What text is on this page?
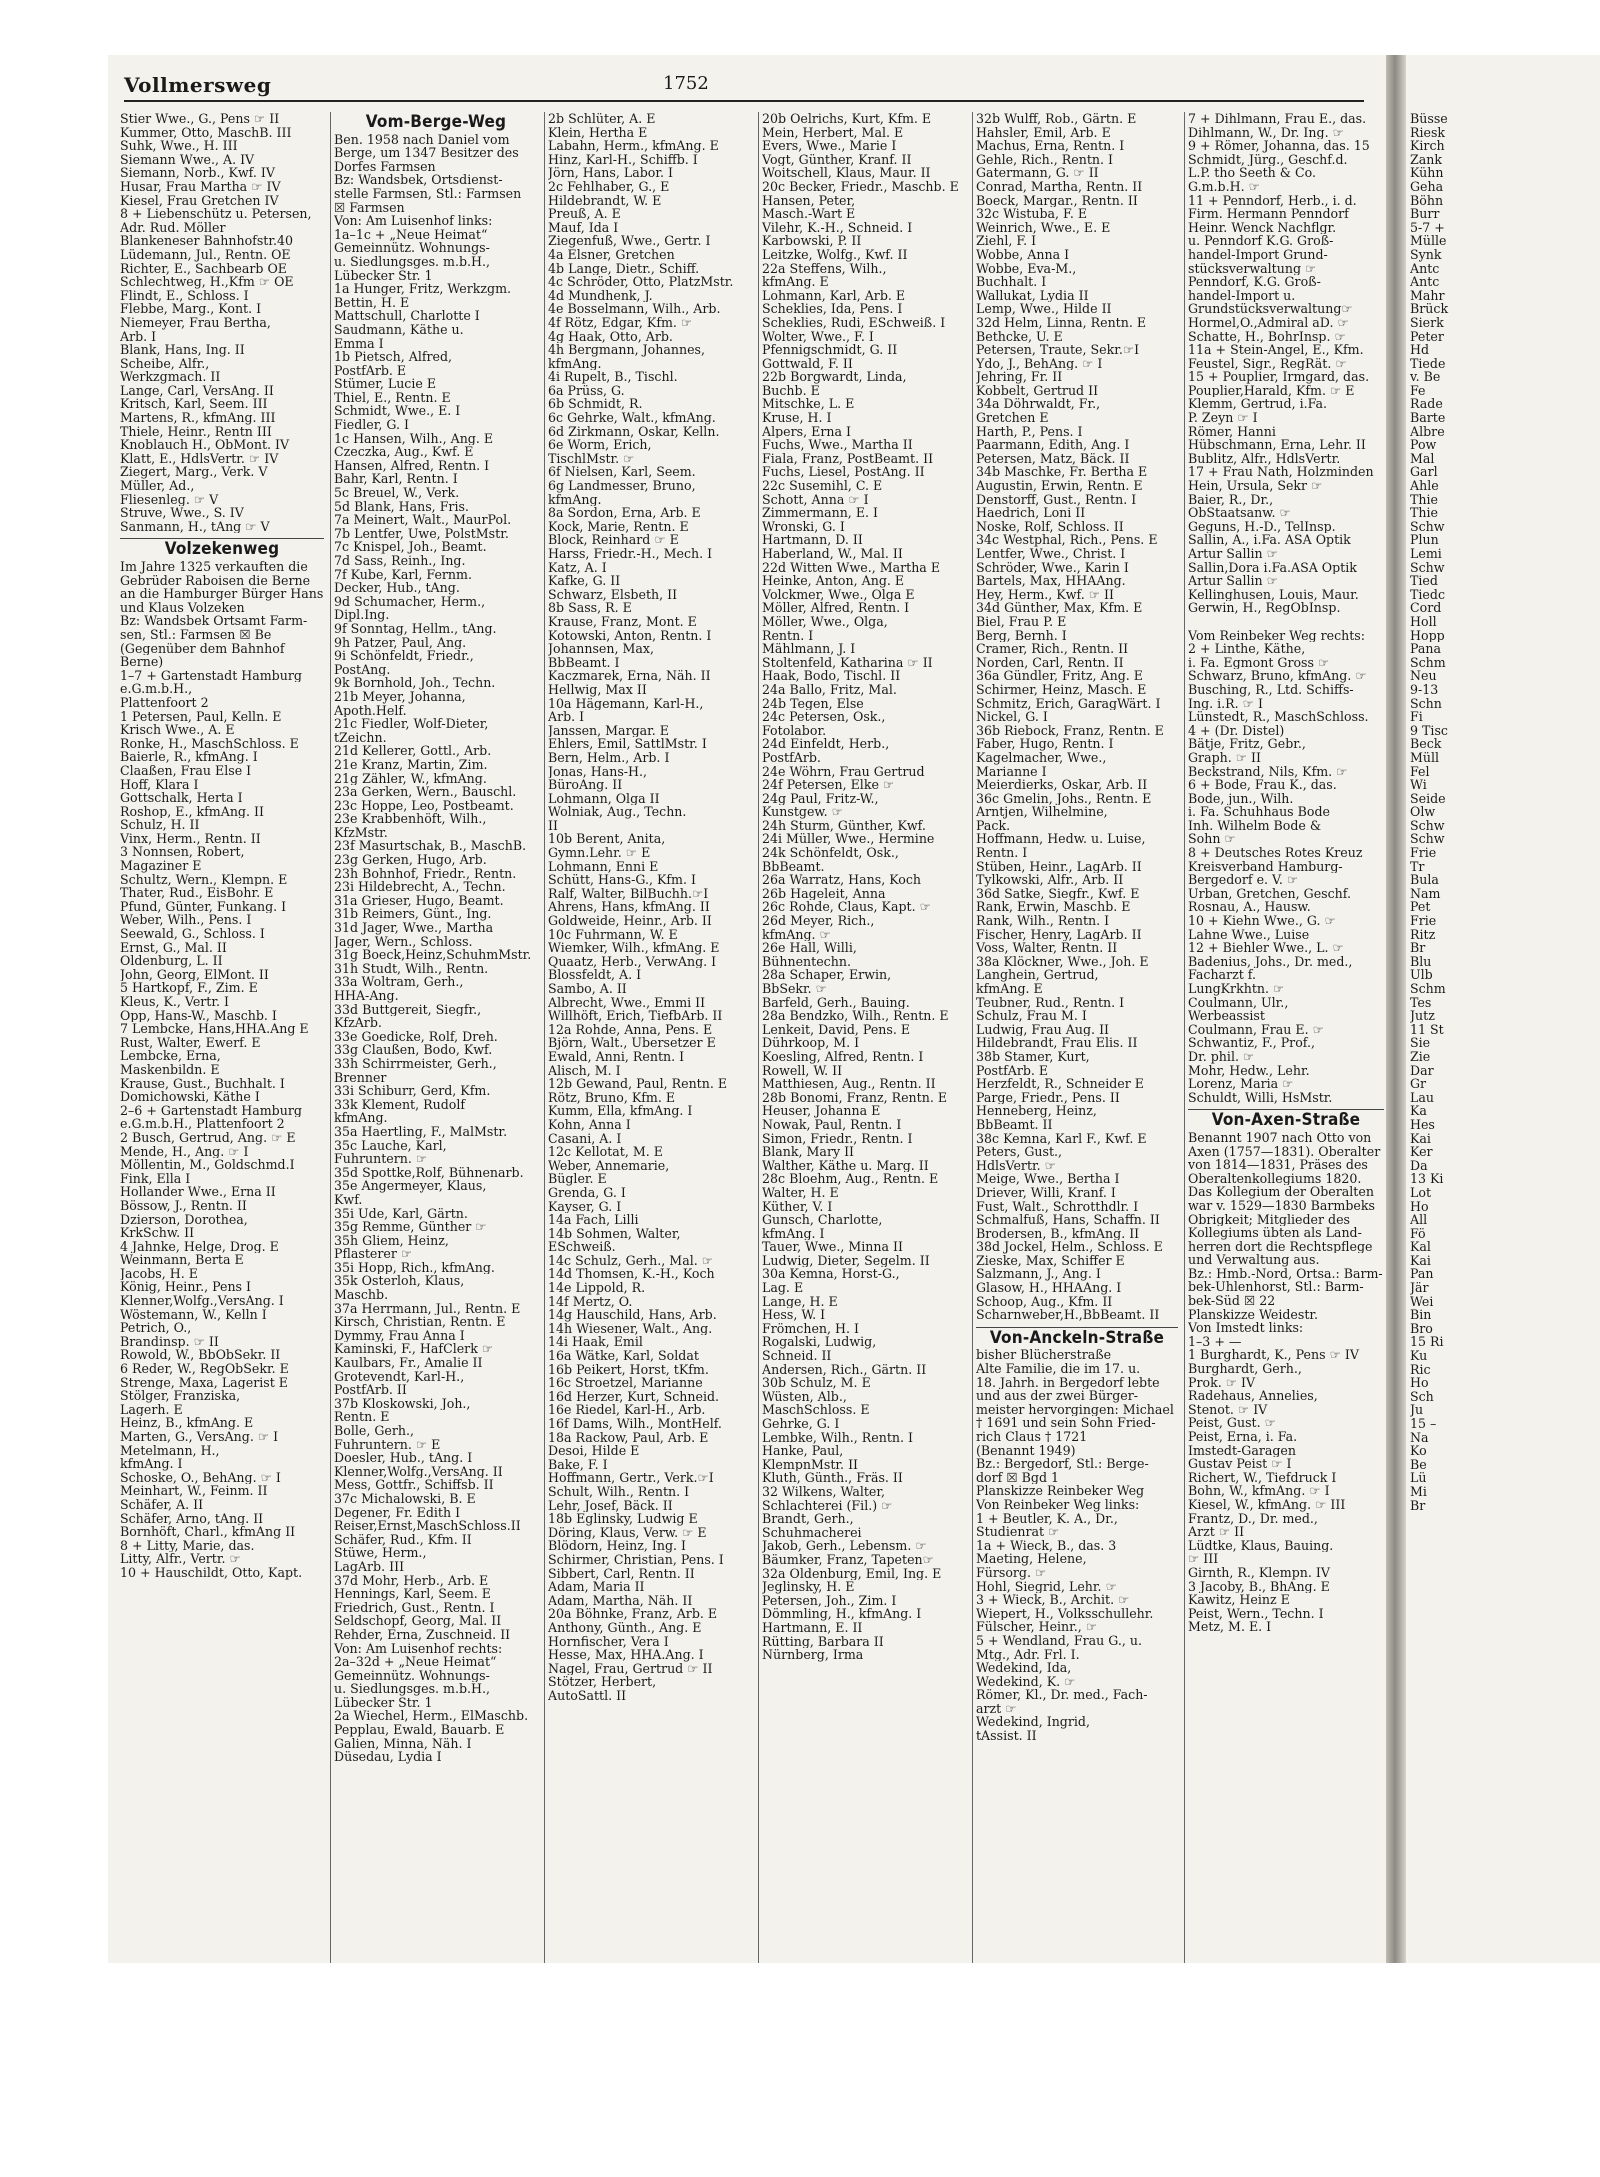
Vollmersweg	1752

Stier Wwe., G., Pens ☞ II

Kummer, Otto, MaschB. III

Suhk, Wwe., H. III

Siemann Wwe., A. IV

Siemann, Norb., Kwf. IV

Husar, Frau Martha ☞ IV

Kiesel, Frau Gretchen IV

8 + Liebenschütz u. Petersen,

Adr. Rud. Möller

Blankeneser Bahnhofstr.40

Lüdemann, Jul., Rentn. OE

Richter, E., Sachbearb OE

Schlechtweg, H.,Kfm ☞ OE

Flindt, E., Schloss. I

Flebbe, Marg., Kont. I

Niemeyer, Frau Bertha,

Arb. I

Blank, Hans, Ing. II

Scheibe, Alfr.,

Werkzgmach. II

Lange, Carl, VersAng. II

Kritsch, Karl, Seem. III

Martens, R., kfmAng. III

Thiele, Heinr., Rentn III

Knoblauch H., ObMont. IV

Klatt, E., HdlsVertr. ☞ IV

Ziegert, Marg., Verk. V

Müller, Ad.,

Fliesenleg. ☞ V

Struve, Wwe., S. IV

Sanmann, H., tAng ☞ V

Volzekenweg

Im Jahre 1325 verkauften die

Gebrüder Raboisen die Berne

an die Hamburger Bürger Hans

und Klaus Volzeken

Bz: Wandsbek Ortsamt Farm-

sen, Stl.: Farmsen ☒ Be

(Gegenüber dem Bahnhof

Berne)

1–7 + Gartenstadt Hamburg

e.G.m.b.H.,

Plattenfoort 2

1 Petersen, Paul, Kelln. E

Krisch Wwe., A. E

Ronke, H., MaschSchloss. E

Baierle, R., kfmAng. I

Claaßen, Frau Else I

Hoff, Klara I

Gottschalk, Herta I

Roshop, E., kfmAng. II

Schulz, H. II

Vinx, Herm., Rentn. II

3 Nonnsen, Robert,

Magaziner E

Schultz, Wern., Klempn. E

Thater, Rud., EisBohr. E

Pfund, Günter, Funkang. I

Weber, Wilh., Pens. I

Seewald, G., Schloss. I

Ernst, G., Mal. II

Oldenburg, L. II

John, Georg, ElMont. II

5 Hartkopf, F., Zim. E

Kleus, K., Vertr. I

Opp, Hans-W., Maschb. I

7 Lembcke, Hans,HHA.Ang E

Rust, Walter, Ewerf. E

Lembcke, Erna,

Maskenbildn. E

Krause, Gust., Buchhalt. I

Domichowski, Käthe I

2–6 + Gartenstadt Hamburg

e.G.m.b.H., Plattenfoort 2

2 Busch, Gertrud, Ang. ☞ E

Mende, H., Ang. ☞ I

Möllentin, M., Goldschmd.I

Fink, Ella I

Hollander Wwe., Erna II

Bössow, J., Rentn. II

Dzierson, Dorothea,

KrkSchw. II

4 Jahnke, Helge, Drog. E

Weinmann, Berta E

Jacobs, H. E

König, Heinr., Pens I

Klenner,Wolfg.,VersAng. I

Wöstemann, W., Kelln I

Petrich, O.,

Brandinsp. ☞ II

Rowold, W., BbObSekr. II

6 Reder, W., RegObSekr. E

Strenge, Maxa, Lagerist E

Stölger, Franziska,

Lagerh. E

Heinz, B., kfmAng. E

Marten, G., VersAng. ☞ I

Metelmann, H.,

kfmAng. I

Schoske, O., BehAng. ☞ I

Meinhart, W., Feinm. II

Schäfer, A. II

Schäfer, Arno, tAng. II

Bornhöft, Charl., kfmAng II

8 + Litty, Marie, das.

Litty, Alfr., Vertr. ☞

10 + Hauschildt, Otto, Kapt.

Vom-Berge-Weg

Ben. 1958 nach Daniel vom

Berge, um 1347 Besitzer des

Dorfes Farmsen

Bz: Wandsbek, Ortsdienst-

stelle Farmsen, Stl.: Farmsen

☒ Farmsen

Von: Am Luisenhof links:

1a–1c + „Neue Heimat“

Gemeinnütz. Wohnungs-

u. Siedlungsges. m.b.H.,

Lübecker Str. 1

1a Hunger, Fritz, Werkzgm.

Bettin, H. E

Mattschull, Charlotte I

Saudmann, Käthe u.

Emma I

1b Pietsch, Alfred,

PostfArb. E

Stümer, Lucie E

Thiel, E., Rentn. E

Schmidt, Wwe., E. I

Fiedler, G. I

1c Hansen, Wilh., Ang. E

Czeczka, Aug., Kwf. E

Hansen, Alfred, Rentn. I

Bahr, Karl, Rentn. I

5c Breuel, W., Verk.

5d Blank, Hans, Fris.

7a Meinert, Walt., MaurPol.

7b Lentfer, Uwe, PolstMstr.

7c Knispel, Joh., Beamt.

7d Sass, Reinh., Ing.

7f Kube, Karl, Fernm.

Decker, Hub., tAng.

9d Schumacher, Herm.,

Dipl.Ing.

9f Sonntag, Hellm., tAng.

9h Patzer, Paul, Ang.

9i Schönfeldt, Friedr.,

PostAng.

9k Bornhold, Joh., Techn.

21b Meyer, Johanna,

Apoth.Helf.

21c Fiedler, Wolf-Dieter,

tZeichn.

21d Kellerer, Gottl., Arb.

21e Kranz, Martin, Zim.

21g Zähler, W., kfmAng.

23a Gerken, Wern., Bauschl.

23c Hoppe, Leo, Postbeamt.

23e Krabbenhöft, Wilh.,

KfzMstr.

23f Masurtschak, B., MaschB.

23g Gerken, Hugo, Arb.

23h Bohnhof, Friedr., Rentn.

23i Hildebrecht, A., Techn.

31a Grieser, Hugo, Beamt.

31b Reimers, Günt., Ing.

31d Jager, Wwe., Martha

Jager, Wern., Schloss.

31g Boeck,Heinz,SchuhmMstr.

31h Studt, Wilh., Rentn.

33a Woltram, Gerh.,

HHA-Ang.

33d Buttgereit, Siegfr.,

KfzArb.

33e Goedicke, Rolf, Dreh.

33g Claußen, Bodo, Kwf.

33h Schirrmeister, Gerh.,

Brenner

33i Schiburr, Gerd, Kfm.

33k Klement, Rudolf

kfmAng.

35a Haertling, F., MalMstr.

35c Lauche, Karl,

Fuhruntern. ☞

35d Spottke,Rolf, Bühnenarb.

35e Angermeyer, Klaus,

Kwf.

35i Ude, Karl, Gärtn.

35g Remme, Günther ☞

35h Gliem, Heinz,

Pflasterer ☞

35i Hopp, Rich., kfmAng.

35k Osterloh, Klaus,

Maschb.

37a Herrmann, Jul., Rentn. E

Kirsch, Christian, Rentn. E

Dymmy, Frau Anna I

Kaminski, F., HafClerk ☞

Kaulbars, Fr., Amalie II

Grotevendt, Karl-H.,

PostfArb. II

37b Kloskowski, Joh.,

Rentn. E

Bolle, Gerh.,

Fuhruntern. ☞ E

Doesler, Hub., tAng. I

Klenner,Wolfg.,VersAng. II

Mess, Gottfr., Schiffsb. II

37c Michalowski, B. E

Degener, Fr. Edith I

Reiser,Ernst,MaschSchloss.II

Schäfer, Rud., Kfm. II

Stüwe, Herm.,

LagArb. III

37d Mohr, Herb., Arb. E

Hennings, Karl, Seem. E

Friedrich, Gust., Rentn. I

Seldschopf, Georg, Mal. II

Rehder, Erna, Zuschneid. II

Von: Am Luisenhof rechts:

2a–32d + „Neue Heimat“

Gemeinnütz. Wohnungs-

u. Siedlungsges. m.b.H.,

Lübecker Str. 1

2a Wiechel, Herm., ElMaschb.

Pepplau, Ewald, Bauarb. E

Galien, Minna, Näh. I

Düsedau, Lydia I

2b Schlüter, A. E

Klein, Hertha E

Labahn, Herm., kfmAng. E

Hinz, Karl-H., Schiffb. I

Jörn, Hans, Labor. I

2c Fehlhaber, G., E

Hildebrandt, W. E

Preuß, A. E

Mauf, Ida I

Ziegenfuß, Wwe., Gertr. I

4a Elsner, Gretchen

4b Lange, Dietr., Schiff.

4c Schröder, Otto, PlatzMstr.

4d Mundhenk, J.

4e Bosselmann, Wilh., Arb.

4f Rötz, Edgar, Kfm. ☞

4g Haak, Otto, Arb.

4h Bergmann, Johannes,

kfmAng.

4i Rupelt, B., Tischl.

6a Prüss, G.

6b Schmidt, R.

6c Gehrke, Walt., kfmAng.

6d Zirkmann, Oskar, Kelln.

6e Worm, Erich,

TischlMstr. ☞

6f Nielsen, Karl, Seem.

6g Landmesser, Bruno,

kfmAng.

8a Sordon, Erna, Arb. E

Kock, Marie, Rentn. E

Block, Reinhard ☞ E

Harss, Friedr.-H., Mech. I

Katz, A. I

Kafke, G. II

Schwarz, Elsbeth, II

8b Sass, R. E

Krause, Franz, Mont. E

Kotowski, Anton, Rentn. I

Johannsen, Max,

BbBeamt. I

Kaczmarek, Erna, Näh. II

Hellwig, Max II

10a Hägemann, Karl-H.,

Arb. I

Janssen, Margar. E

Ehlers, Emil, SattlMstr. I

Bern, Helm., Arb. I

Jonas, Hans-H.,

BüroAng. II

Lohmann, Olga II

Wolniak, Aug., Techn.

II

10b Berent, Anita,

Gymn.Lehr. ☞ E

Lohmann, Enni E

Schütt, Hans-G., Kfm. I

Ralf, Walter, BilBuchh.☞I

Ahrens, Hans, kfmAng. II

Goldweide, Heinr., Arb. II

10c Fuhrmann, W. E

Wiemker, Wilh., kfmAng. E

Quaatz, Herb., VerwAng. I

Blossfeldt, A. I

Sambo, A. II

Albrecht, Wwe., Emmi II

Willhöft, Erich, TiefbArb. II

12a Rohde, Anna, Pens. E

Björn, Walt., Übersetzer E

Ewald, Anni, Rentn. I

Alisch, M. I

12b Gewand, Paul, Rentn. E

Rötz, Bruno, Kfm. E

Kumm, Ella, kfmAng. I

Kohn, Anna I

Casani, A. I

12c Kellotat, M. E

Weber, Annemarie,

Bügler. E

Grenda, G. I

Kayser, G. I

14a Fach, Lilli

14b Sohmen, Walter,

ESchweiß.

14c Schulz, Gerh., Mal. ☞

14d Thomsen, K.-H., Koch

14e Lippold, R.

14f Mertz, O.

14g Hauschild, Hans, Arb.

14h Wiesener, Walt., Ang.

14i Haak, Emil

16a Wätke, Karl, Soldat

16b Peikert, Horst, tKfm.

16c Stroetzel, Marianne

16d Herzer, Kurt, Schneid.

16e Riedel, Karl-H., Arb.

16f Dams, Wilh., MontHelf.

18a Rackow, Paul, Arb. E

Desoi, Hilde E

Bake, F. I

Hoffmann, Gertr., Verk.☞I

Schult, Wilh., Rentn. I

Lehr, Josef, Bäck. II

18b Eglinsky, Ludwig E

Döring, Klaus, Verw. ☞ E

Blödorn, Heinz, Ing. I

Schirmer, Christian, Pens. I

Sibbert, Carl, Rentn. II

Adam, Maria II

Adam, Martha, Näh. II

20a Böhnke, Franz, Arb. E

Anthony, Günth., Ang. E

Hornfischer, Vera I

Hesse, Max, HHA.Ang. I

Nagel, Frau, Gertrud ☞ II

Stötzer, Herbert,

AutoSattl. II

20b Oelrichs, Kurt, Kfm. E

Mein, Herbert, Mal. E

Evers, Wwe., Marie I

Vogt, Günther, Kranf. II

Woitschell, Klaus, Maur. II

20c Becker, Friedr., Maschb. E

Hansen, Peter,

Masch.-Wart E

Vilehr, K.-H., Schneid. I

Karbowski, P. II

Leitzke, Wolfg., Kwf. II

22a Steffens, Wilh.,

kfmAng. E

Lohmann, Karl, Arb. E

Scheklies, Ida, Pens. I

Scheklies, Rudi, ESchweiß. I

Wolter, Wwe., F. I

Pfennigschmidt, G. II

Gottwald, F. II

22b Borgwardt, Linda,

Buchb. E

Mitschke, L. E

Kruse, H. I

Alpers, Erna I

Fuchs, Wwe., Martha II

Fiala, Franz, PostBeamt. II

Fuchs, Liesel, PostAng. II

22c Susemihl, C. E

Schott, Anna ☞ I

Zimmermann, E. I

Wronski, G. I

Hartmann, D. II

Haberland, W., Mal. II

22d Witten Wwe., Martha E

Heinke, Anton, Ang. E

Volckmer, Wwe., Olga E

Möller, Alfred, Rentn. I

Möller, Wwe., Olga,

Rentn. I

Mählmann, J. I

Stoltenfeld, Katharina ☞ II

Haak, Bodo, Tischl. II

24a Ballo, Fritz, Mal.

24b Tegen, Else

24c Petersen, Osk.,

Fotolabor.

24d Einfeldt, Herb.,

PostfArb.

24e Wöhrn, Frau Gertrud

24f Petersen, Elke ☞

24g Paul, Fritz-W.,

Kunstgew. ☞

24h Sturm, Günther, Kwf.

24i Müller, Wwe., Hermine

24k Schönfeldt, Osk.,

BbBeamt.

26a Warratz, Hans, Koch

26b Hageleit, Anna

26c Rohde, Claus, Kapt. ☞

26d Meyer, Rich.,

kfmAng. ☞

26e Hall, Willi,

Bühnentechn.

28a Schaper, Erwin,

BbSekr. ☞

Barfeld, Gerh., Bauing.

28a Bendzko, Wilh., Rentn. E

Lenkeit, David, Pens. E

Dührkoop, M. I

Koesling, Alfred, Rentn. I

Rowell, W. II

Matthiesen, Aug., Rentn. II

28b Bonomi, Franz, Rentn. E

Heuser, Johanna E

Nowak, Paul, Rentn. I

Simon, Friedr., Rentn. I

Blank, Mary II

Walther, Käthe u. Marg. II

28c Bloehm, Aug., Rentn. E

Walter, H. E

Küther, V. I

Gunsch, Charlotte,

kfmAng. I

Tauer, Wwe., Minna II

Ludwig, Dieter, Segelm. II

30a Kemna, Horst-G.,

Lag. E

Lange, H. E

Hess, W. I

Frömchen, H. I

Rogalski, Ludwig,

Schneid. II

Andersen, Rich., Gärtn. II

30b Schulz, M. E

Wüsten, Alb.,

MaschSchloss. E

Gehrke, G. I

Lembke, Wilh., Rentn. I

Hanke, Paul,

KlempnMstr. II

Kluth, Günth., Fräs. II

32 Wilkens, Walter,

Schlachterei (Fil.) ☞

Brandt, Gerh.,

Schuhmacherei

Jakob, Gerh., Lebensm. ☞

Bäumker, Franz, Tapeten☞

32a Oldenburg, Emil, Ing. E

Jeglinsky, H. E

Petersen, Joh., Zim. I

Dömmling, H., kfmAng. I

Hartmann, E. II

Rütting, Barbara II

Nürnberg, Irma

32b Wulff, Rob., Gärtn. E

Hahsler, Emil, Arb. E

Machus, Erna, Rentn. I

Gehle, Rich., Rentn. I

Gatermann, G. ☞ II

Conrad, Martha, Rentn. II

Boeck, Margar., Rentn. II

32c Wistuba, F. E

Weinrich, Wwe., E. E

Ziehl, F. I

Wobbe, Anna I

Wobbe, Eva-M.,

Buchhalt. I

Wallukat, Lydia II

Lemp, Wwe., Hilde II

32d Helm, Linna, Rentn. E

Bethcke, U. E

Petersen, Traute, Sekr.☞I

Ydo, J., BehAng. ☞ I

Jehring, Fr. II

Kobbelt, Gertrud II

34a Döhrwaldt, Fr.,

Gretchen E

Harth, P., Pens. I

Paarmann, Edith, Ang. I

Petersen, Matz, Bäck. II

34b Maschke, Fr. Bertha E

Augustin, Erwin, Rentn. E

Denstorff, Gust., Rentn. I

Haedrich, Loni II

Noske, Rolf, Schloss. II

34c Westphal, Rich., Pens. E

Lentfer, Wwe., Christ. I

Schröder, Wwe., Karin I

Bartels, Max, HHAAng.

Hey, Herm., Kwf. ☞ II

34d Günther, Max, Kfm. E

Biel, Frau P. E

Berg, Bernh. I

Cramer, Rich., Rentn. II

Norden, Carl, Rentn. II

36a Gündler, Fritz, Ang. E

Schirmer, Heinz, Masch. E

Schmitz, Erich, GaragWärt. I

Nickel, G. I

36b Riebock, Franz, Rentn. E

Faber, Hugo, Rentn. I

Kagelmacher, Wwe.,

Marianne I

Meierdierks, Oskar, Arb. II

36c Gmelin, Johs., Rentn. E

Arntjen, Wilhelmine,

Pack.

Hoffmann, Hedw. u. Luise,

Rentn. I

Stüben, Heinr., LagArb. II

Tylkowski, Alfr., Arb. II

36d Satke, Siegfr., Kwf. E

Rank, Erwin, Maschb. E

Rank, Wilh., Rentn. I

Fischer, Henry, LagArb. II

Voss, Walter, Rentn. II

38a Klöckner, Wwe., Joh. E

Langhein, Gertrud,

kfmAng. E

Teubner, Rud., Rentn. I

Schulz, Frau M. I

Ludwig, Frau Aug. II

Hildebrandt, Frau Elis. II

38b Stamer, Kurt,

PostfArb. E

Herzfeldt, R., Schneider E

Parge, Friedr., Pens. II

Henneberg, Heinz,

BbBeamt. II

38c Kemna, Karl F., Kwf. E

Peters, Gust.,

HdlsVertr. ☞

Meige, Wwe., Bertha I

Driever, Willi, Kranf. I

Fust, Walt., Schrotthdlr. I

Schmalfuß, Hans, Schaffn. II

Brodersen, B., kfmAng. II

38d Jockel, Helm., Schloss. E

Zieske, Max, Schiffer E

Salzmann, J., Ang. I

Glasow, H., HHAAng. I

Schoop, Aug., Kfm. II

Scharnweber,H.,BbBeamt. II

Von-Anckeln-Straße

bisher Blücherstraße

Alte Familie, die im 17. u.

18. Jahrh. in Bergedorf lebte

und aus der zwei Bürger-

meister hervorgingen: Michael

† 1691 und sein Sohn Fried-

rich Claus † 1721

(Benannt 1949)

Bz.: Bergedorf, Stl.: Berge-

dorf ☒ Bgd 1

Planskizze Reinbeker Weg

Von Reinbeker Weg links:

1 + Beutler, K. A., Dr.,

Studienrat ☞

1a + Wieck, B., das. 3

Maeting, Helene,

Fürsorg. ☞

Hohl, Siegrid, Lehr. ☞

3 + Wieck, B., Archit. ☞

Wiepert, H., Volksschullehr.

Fülscher, Heinr., ☞

5 + Wendland, Frau G., u.

Mtg., Adr. Frl. I.

Wedekind, Ida,

Wedekind, K. ☞

Römer, Kl., Dr. med., Fach-

arzt ☞

Wedekind, Ingrid,

tAssist. II

7 + Dihlmann, Frau E., das.

Dihlmann, W., Dr. Ing. ☞

9 + Römer, Johanna, das. 15

Schmidt, Jürg., Geschf.d.

L.P. tho Seeth & Co.

G.m.b.H. ☞

11 + Penndorf, Herb., i. d.

Firm. Hermann Penndorf

Heinr. Wenck Nachflgr.

u. Penndorf K.G. Groß-

handel-Import Grund-

stücksverwaltung ☞

Penndorf, K.G. Groß-

handel-Import u.

Grundstücksverwaltung☞

Hormel,O.,Admiral aD. ☞

Schatte, H., BohrInsp. ☞

11a + Stein-Angel, E., Kfm.

Feustel, Sigr., RegRät. ☞

15 + Pouplier, Irmgard, das.

Pouplier,Harald, Kfm. ☞ E

Klemm, Gertrud, i.Fa.

P. Zeyn ☞ I

Römer, Hanni

Hübschmann, Erna, Lehr. II

Bublitz, Alfr., HdlsVertr.

17 + Frau Nath, Holzminden

Hein, Ursula, Sekr ☞

Baier, R., Dr.,

ObStaatsanw. ☞

Geguns, H.-D., TelInsp.

Sallin, A., i.Fa. ASA Optik

Artur Sallin ☞

Sallin,Dora i.Fa.ASA Optik

Artur Sallin ☞

Kellinghusen, Louis, Maur.

Gerwin, H., RegObInsp.

Vom Reinbeker Weg rechts:

2 + Linthe, Käthe,

i. Fa. Egmont Gross ☞

Schwarz, Bruno, kfmAng. ☞

Busching, R., Ltd. Schiffs-

Ing. i.R. ☞ I

Lünstedt, R., MaschSchloss.

4 + (Dr. Distel)

Bätje, Fritz, Gebr.,

Graph. ☞ II

Beckstrand, Nils, Kfm. ☞

6 + Bode, Frau K., das.

Bode, jun., Wilh.

i. Fa. Schuhhaus Bode

Inh. Wilhelm Bode &

Sohn ☞

8 + Deutsches Rotes Kreuz

Kreisverband Hamburg-

Bergedorf e. V. ☞

Urban, Gretchen, Geschf.

Rosnau, A., Hausw.

10 + Kiehn Wwe., G. ☞

Lahne Wwe., Luise

12 + Biehler Wwe., L. ☞

Badenius, Johs., Dr. med.,

Facharzt f.

LungKrkhtn. ☞

Coulmann, Ulr.,

Werbeassist

Coulmann, Frau E. ☞

Schwantiz, F., Prof.,

Dr. phil. ☞

Mohr, Hedw., Lehr.

Lorenz, Maria ☞

Schuldt, Willi, HsMstr.

Von-Axen-Straße

Benannt 1907 nach Otto von

Axen (1757—1831). Oberalter

von 1814—1831, Präses des

Oberaltenkollegiums 1820.

Das Kollegium der Oberalten

war v. 1529—1830 Barmbeks

Obrigkeit; Mitglieder des

Kollegiums übten als Land-

herren dort die Rechtspflege

und Verwaltung aus.

Bz.: Hmb.-Nord, Ortsa.: Barm-

bek-Uhlenhorst, Stl.: Barm-

bek-Süd ☒ 22

Planskizze Weidestr.

Von Imstedt links:

1–3 + —

1 Burghardt, K., Pens ☞ IV

Burghardt, Gerh.,

Prok. ☞ IV

Radehaus, Annelies,

Stenot. ☞ IV

Peist, Gust. ☞

Peist, Erna, i. Fa.

Imstedt-Garagen

Gustav Peist ☞ I

Richert, W., Tiefdruck I

Bohn, W., kfmAng. ☞ I

Kiesel, W., kfmAng. ☞ III

Frantz, D., Dr. med.,

Arzt ☞ II

Lüdtke, Klaus, Bauing.

☞ III

Girnth, R., Klempn. IV

3 Jacoby, B., BhAng. E

Kawitz, Heinz E

Peist, Wern., Techn. I

Metz, M. E. I

Büsse

Riesk

Kirch

Zank

Kühn

Geha

Böhn

Burr

5-7 +

Mülle

Synk

Antc

Antc

Mahr

Brück

Sierk

Peter

Hd

Tiede

v. Be

Fe

Rade

Barte

Albre

Pow

Mal

Garl

Ahle

Thie

Thie

Schw

Plun

Lemi

Schw

Tied

Tiedc

Cord

Holl

Hopp

Pana

Schm

Neu

9-13

Schn

Fi

9 Tisc

Beck

Müll

Fel

Wi

Seide

Olw

Schw

Schw

Frie

Tr

Bula

Nam

Pet

Frie

Ritz

Br

Blu

Ulb

Schm

Tes

Jutz

11 St

Sie

Zie

Dar

Gr

Lau

Ka

Hes

Kai

Ker

Da

13 Ki

Lot

Ho

All

Fö

Kal

Kai

Pan

Jär

Wei

Bin

Bro

15 Ri

Ku

Ric

Ho

Sch

Ju

15 –

Na

Ko

Be

Lü

Mi

Br
